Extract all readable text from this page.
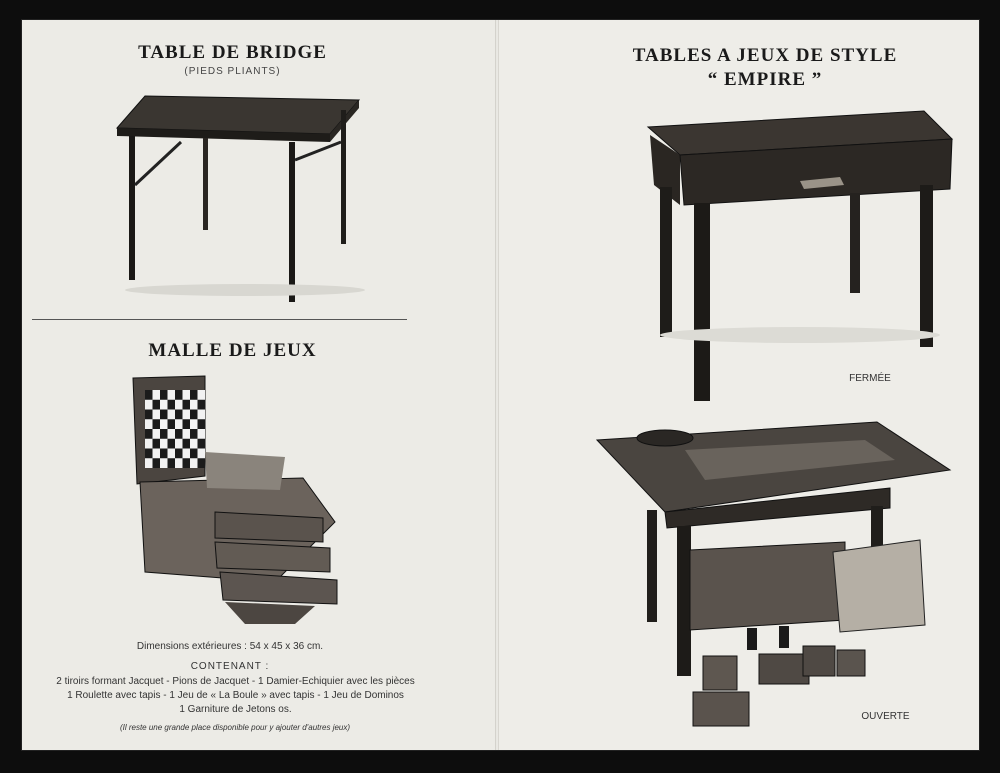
TABLE DE BRIDGE
(PIEDS PLIANTS)
MALLE DE JEUX
Dimensions extérieures : 54 x 45 x 36 cm.
CONTENANT :
2 tiroirs formant Jacquet - Pions de Jacquet - 1 Damier-Echiquier avec les pièces
1 Roulette avec tapis - 1 Jeu de « La Boule » avec tapis - 1 Jeu de Dominos
1 Garniture de Jetons os.
(Il reste une grande place disponible pour y ajouter d'autres jeux)
TABLES A JEUX DE STYLE
“ EMPIRE ”
FERMÉE
OUVERTE
